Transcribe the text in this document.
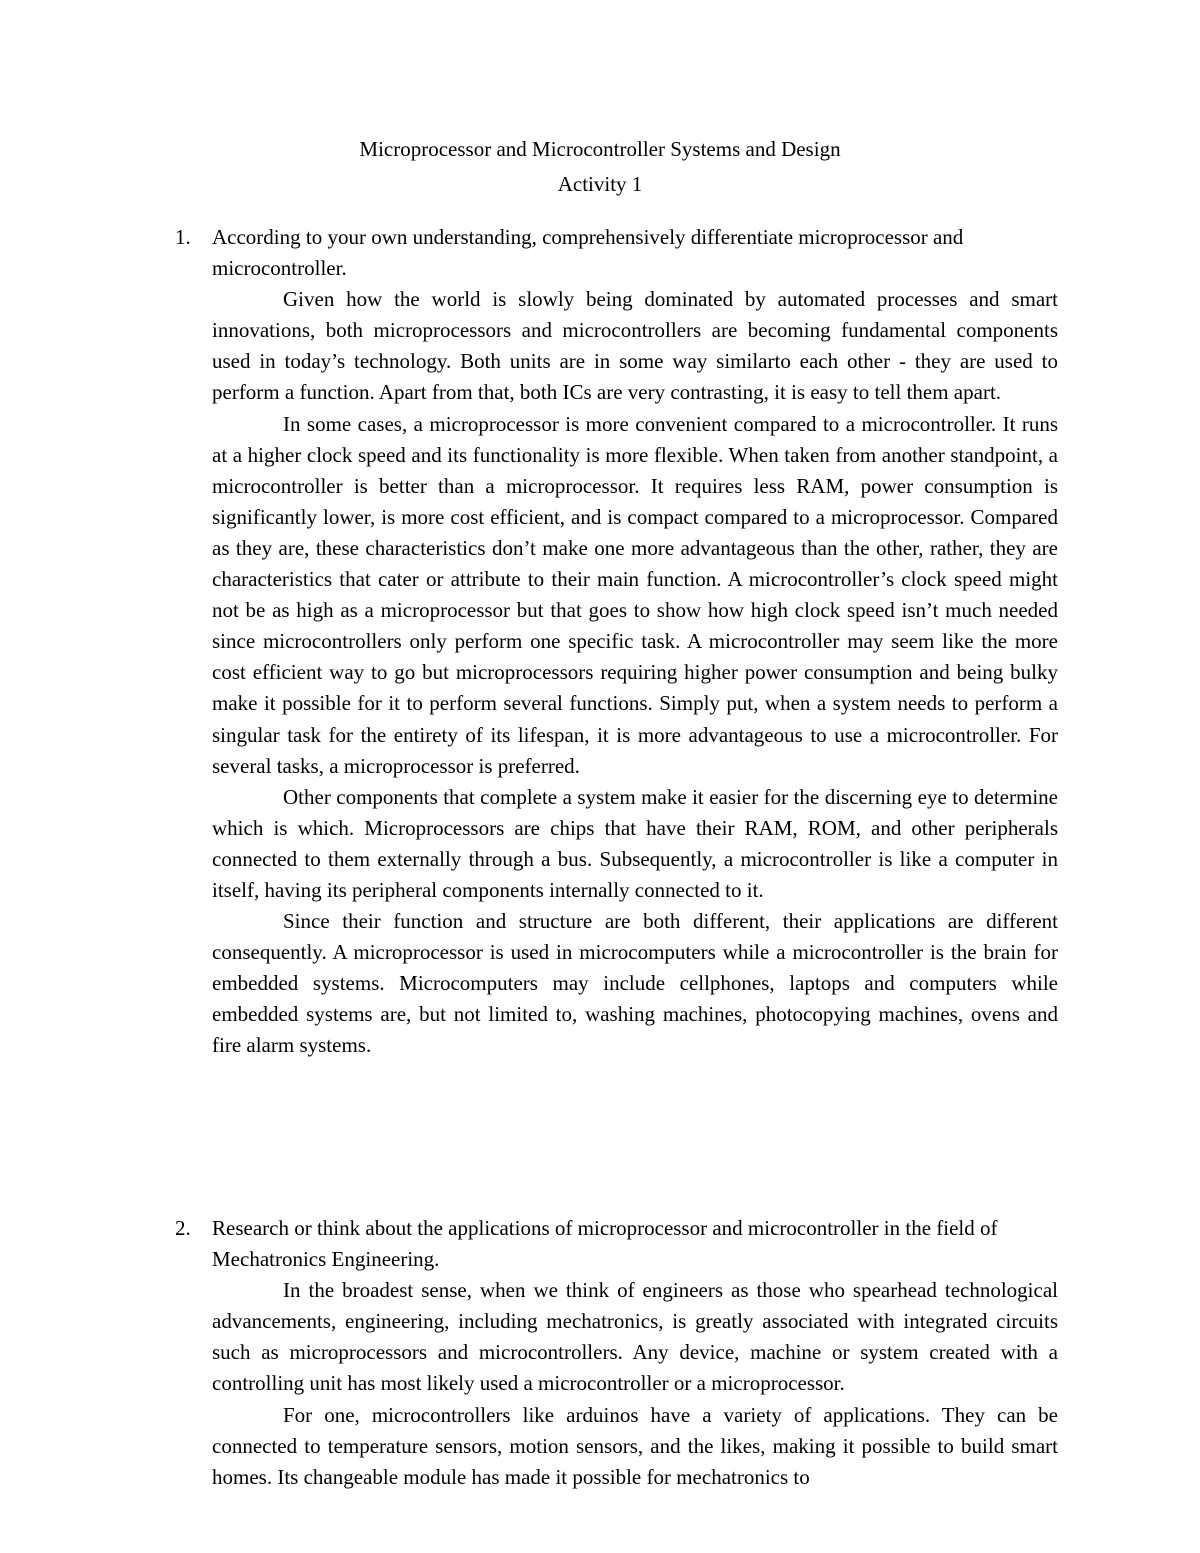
Microprocessor and Microcontroller Systems and Design
Activity 1
1. According to your own understanding, comprehensively differentiate microprocessor and microcontroller.

Given how the world is slowly being dominated by automated processes and smart innovations, both microprocessors and microcontrollers are becoming fundamental components used in today’s technology. Both units are in some way similarto each other - they are used to perform a function. Apart from that, both ICs are very contrasting, it is easy to tell them apart.

In some cases, a microprocessor is more convenient compared to a microcontroller. It runs at a higher clock speed and its functionality is more flexible. When taken from another standpoint, a microcontroller is better than a microprocessor. It requires less RAM, power consumption is significantly lower, is more cost efficient, and is compact compared to a microprocessor. Compared as they are, these characteristics don’t make one more advantageous than the other, rather, they are characteristics that cater or attribute to their main function. A microcontroller’s clock speed might not be as high as a microprocessor but that goes to show how high clock speed isn’t much needed since microcontrollers only perform one specific task. A microcontroller may seem like the more cost efficient way to go but microprocessors requiring higher power consumption and being bulky make it possible for it to perform several functions. Simply put, when a system needs to perform a singular task for the entirety of its lifespan, it is more advantageous to use a microcontroller. For several tasks, a microprocessor is preferred.

Other components that complete a system make it easier for the discerning eye to determine which is which. Microprocessors are chips that have their RAM, ROM, and other peripherals connected to them externally through a bus. Subsequently, a microcontroller is like a computer in itself, having its peripheral components internally connected to it.

Since their function and structure are both different, their applications are different consequently. A microprocessor is used in microcomputers while a microcontroller is the brain for embedded systems. Microcomputers may include cellphones, laptops and computers while embedded systems are, but not limited to, washing machines, photocopying machines, ovens and fire alarm systems.

2. Research or think about the applications of microprocessor and microcontroller in the field of Mechatronics Engineering.

In the broadest sense, when we think of engineers as those who spearhead technological advancements, engineering, including mechatronics, is greatly associated with integrated circuits such as microprocessors and microcontrollers. Any device, machine or system created with a controlling unit has most likely used a microcontroller or a microprocessor.

For one, microcontrollers like arduinos have a variety of applications. They can be connected to temperature sensors, motion sensors, and the likes, making it possible to build smart homes. Its changeable module has made it possible for mechatronics to
